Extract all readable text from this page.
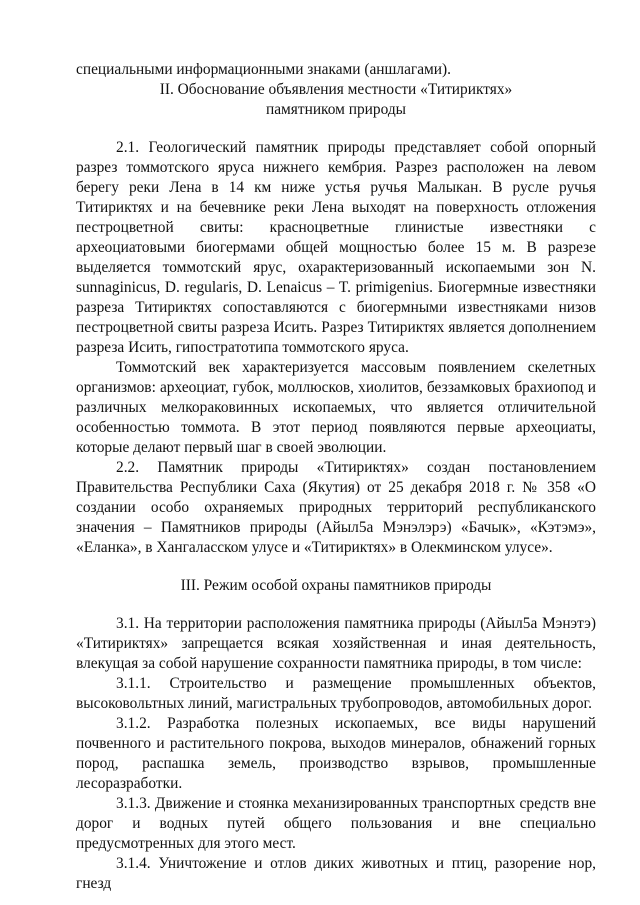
специальными информационными знаками (аншлагами).

II. Обоснование объявления местности «Титириктях»

памятником природы

2.1. Геологический памятник природы представляет собой опорный разрез томмотского яруса нижнего кембрия. Разрез расположен на левом берегу реки Лена в 14 км ниже устья ручья Малыкан. В русле ручья Титириктях и на бечевнике реки Лена выходят на поверхность отложения пестроцветной свиты: красноцветные глинистые известняки с археоциатовыми биогермами общей мощностью более 15 м. В разрезе выделяется томмотский ярус, охарактеризованный ископаемыми зон N. sunnaginicus, D. regularis, D. Lenaicus – T. primigenius. Биогермные известняки разреза Титириктях сопоставляются с биогермными известняками низов пестроцветной свиты разреза Исить. Разрез Титириктях является дополнением разреза Исить, гипостратотипа томмотского яруса.

Томмотский век характеризуется массовым появлением скелетных организмов: археоциат, губок, моллюсков, хиолитов, беззамковых брахиопод и различных мелкораковинных ископаемых, что является отличительной особенностью томмота. В этот период появляются первые археоциаты, которые делают первый шаг в своей эволюции.

2.2. Памятник природы «Титириктях» создан постановлением Правительства Республики Саха (Якутия) от 25 декабря 2018 г. № 358 «О создании особо охраняемых природных территорий республиканского значения – Памятников природы (Айыл5а Мэнэлэрэ) «Бачык», «Кэтэмэ», «Еланка», в Хангаласском улусе и «Титириктях» в Олекминском улусе».

III. Режим особой охраны памятников природы

3.1. На территории расположения памятника природы (Айыл5а Мэнэтэ) «Титириктях» запрещается всякая хозяйственная и иная деятельность, влекущая за собой нарушение сохранности памятника природы, в том числе:

3.1.1. Строительство и размещение промышленных объектов, высоковольтных линий, магистральных трубопроводов, автомобильных дорог.

3.1.2. Разработка полезных ископаемых, все виды нарушений почвенного и растительного покрова, выходов минералов, обнажений горных пород, распашка земель, производство взрывов, промышленные лесоразработки.

3.1.3. Движение и стоянка механизированных транспортных средств вне дорог и водных путей общего пользования и вне специально предусмотренных для этого мест.

3.1.4. Уничтожение и отлов диких животных и птиц, разорение нор, гнезд
